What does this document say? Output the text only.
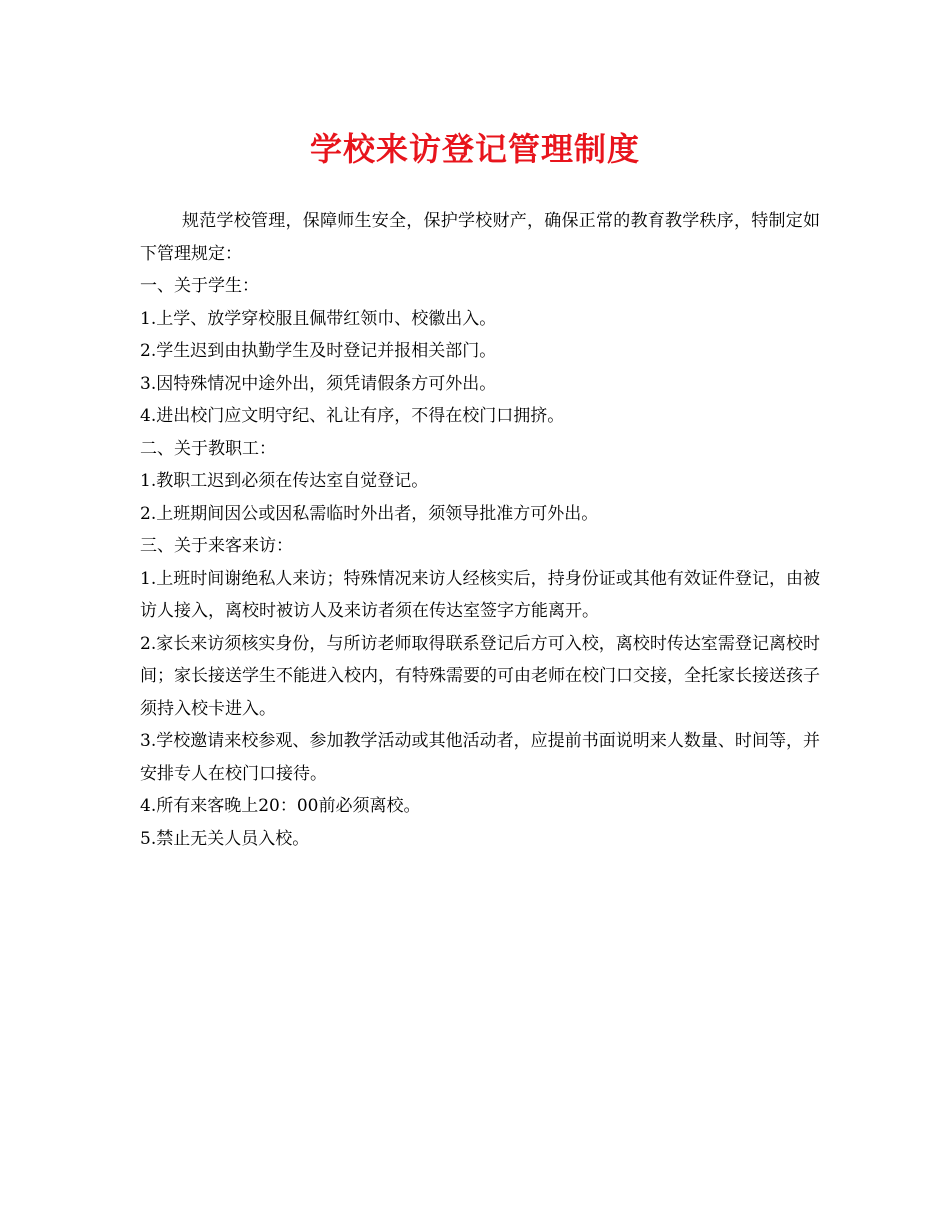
学校来访登记管理制度

规范学校管理，保障师生安全，保护学校财产，确保正常的教育教学秩序，特制定如下管理规定：

一、关于学生：

1.上学、放学穿校服且佩带红领巾、校徽出入。

2.学生迟到由执勤学生及时登记并报相关部门。

3.因特殊情况中途外出，须凭请假条方可外出。

4.进出校门应文明守纪、礼让有序，不得在校门口拥挤。

二、关于教职工：

1.教职工迟到必须在传达室自觉登记。

2.上班期间因公或因私需临时外出者，须领导批准方可外出。

三、关于来客来访：

1.上班时间谢绝私人来访；特殊情况来访人经核实后，持身份证或其他有效证件登记，由被访人接入，离校时被访人及来访者须在传达室签字方能离开。

2.家长来访须核实身份，与所访老师取得联系登记后方可入校，离校时传达室需登记离校时间；家长接送学生不能进入校内，有特殊需要的可由老师在校门口交接，全托家长接送孩子须持入校卡进入。

3.学校邀请来校参观、参加教学活动或其他活动者，应提前书面说明来人数量、时间等，并安排专人在校门口接待。

4.所有来客晚上20：00前必须离校。

5.禁止无关人员入校。
